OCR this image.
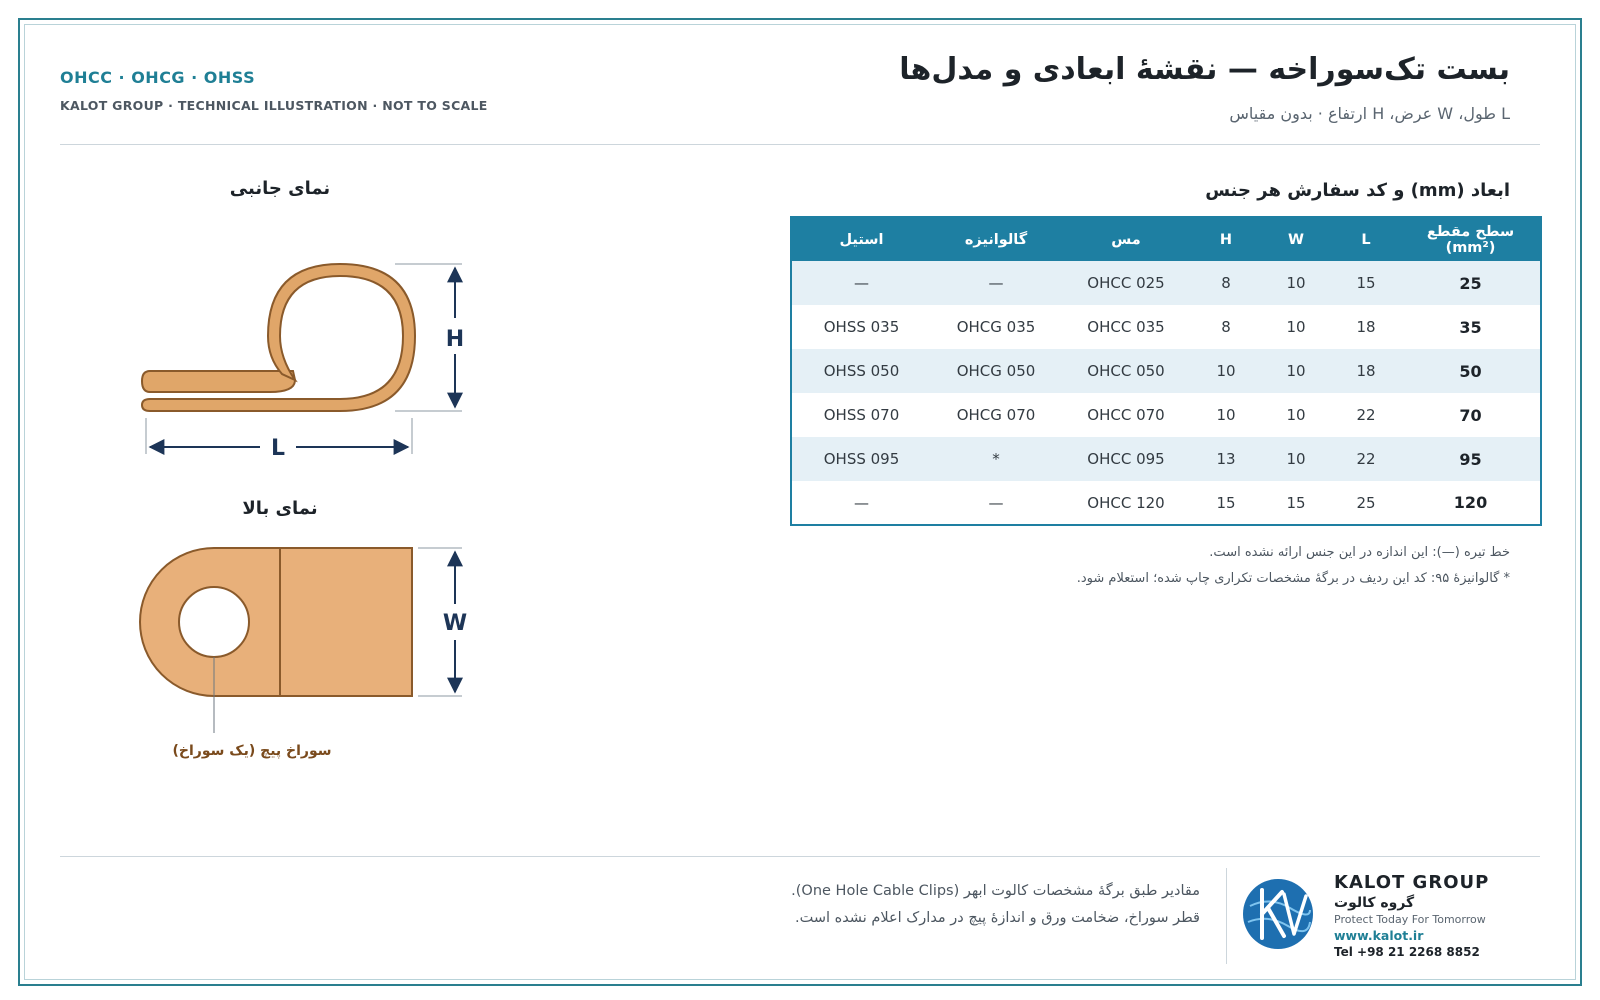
بست تک‌سوراخه — نقشهٔ ابعادی و مدل‌ها
L طول، W عرض، H ارتفاع · بدون مقیاس
OHCC · OHCG · OHSS
KALOT GROUP · TECHNICAL ILLUSTRATION · NOT TO SCALE
نمای جانبی
H
L
نمای بالا
W
سوراخ پیچ (یک سوراخ)
ابعاد (mm) و کد سفارش هر جنس
سطح مقطع (mm²)	L	W	H	مس	گالوانیزه	استیل
25	15	10	8	OHCC 025	—	—
35	18	10	8	OHCC 035	OHCG 035	OHSS 035
50	18	10	10	OHCC 050	OHCG 050	OHSS 050
70	22	10	10	OHCC 070	OHCG 070	OHSS 070
95	22	10	13	OHCC 095	*	OHSS 095
120	25	15	15	OHCC 120	—	—
خط تیره (—): این اندازه در این جنس ارائه نشده است.
* گالوانیزهٔ ۹۵: کد این ردیف در برگهٔ مشخصات تکراری چاپ شده؛ استعلام شود.
مقادیر طبق برگهٔ مشخصات کالوت ابهر (One Hole Cable Clips).
قطر سوراخ، ضخامت ورق و اندازهٔ پیچ در مدارک اعلام نشده است.
KALOT GROUP
گروه کالوت
Protect Today For Tomorrow
www.kalot.ir
Tel +98 21 2268 8852
